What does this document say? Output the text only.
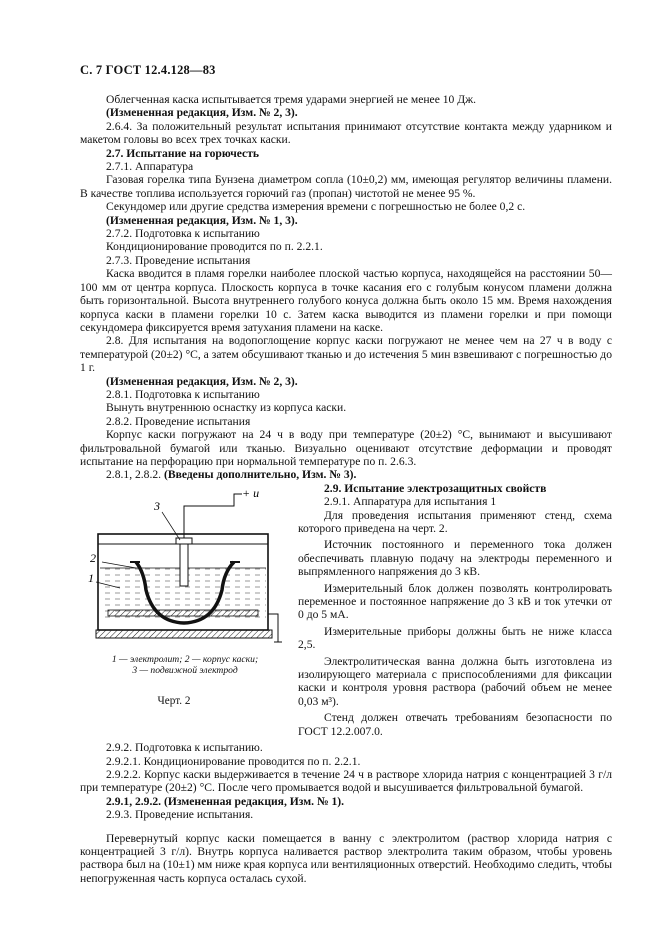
С. 7 ГОСТ 12.4.128—83

Облегченная каска испытывается тремя ударами энергией не менее 10 Дж.

(Измененная редакция, Изм. № 2, 3).

2.6.4. За положительный результат испытания принимают отсутствие контакта между ударником и макетом головы во всех трех точках каски.

2.7. Испытание на горючесть

2.7.1. Аппаратура

Газовая горелка типа Бунзена диаметром сопла (10±0,2) мм, имеющая регулятор величины пламени. В качестве топлива используется горючий газ (пропан) чистотой не менее 95 %.

Секундомер или другие средства измерения времени с погрешностью не более 0,2 с.

(Измененная редакция, Изм. № 1, 3).

2.7.2. Подготовка к испытанию

Кондиционирование проводится по п. 2.2.1.

2.7.3. Проведение испытания

Каска вводится в пламя горелки наиболее плоской частью корпуса, находящейся на расстоянии 50—100 мм от центра корпуса. Плоскость корпуса в точке касания его с голубым конусом пламени должна быть горизонтальной. Высота внутреннего голубого конуса должна быть около 15 мм. Время нахождения корпуса каски в пламени горелки 10 с. Затем каска выводится из пламени горелки и при помощи секундомера фиксируется время затухания пламени на каске.

2.8. Для испытания на водопоглощение корпус каски погружают не менее чем на 27 ч в воду с температурой (20±2) °С, а затем обсушивают тканью и до истечения 5 мин взвешивают с погрешностью до 1 г.

(Измененная редакция, Изм. № 2, 3).

2.8.1. Подготовка к испытанию

Вынуть внутреннюю оснастку из корпуса каски.

2.8.2. Проведение испытания

Корпус каски погружают на 24 ч в воду при температуре (20±2) °С, вынимают и высушивают фильтровальной бумагой или тканью. Визуально оценивают отсутствие деформации и проводят испытание на перфорацию при нормальной температуре по п. 2.6.3.

2.8.1, 2.8.2. (Введены дополнительно, Изм. № 3).

+ u
3
2
1
1 — электролит; 2 — корпус каски;
3 — подвижной электрод
Черт. 2

2.9. Испытание электрозащитных свойств

2.9.1. Аппаратура для испытания 1

Для проведения испытания применяют стенд, схема которого приведена на черт. 2.

Источник постоянного и переменного тока должен обеспечивать плавную подачу на электроды переменного и выпрямленного напряжения до 3 кВ.

Измерительный блок должен позволять контролировать переменное и постоянное напряжение до 3 кВ и ток утечки от 0 до 5 мА.

Измерительные приборы должны быть не ниже класса 2,5.

Электролитическая ванна должна быть изготовлена из изолирующего материала с приспособлениями для фиксации каски и контроля уровня раствора (рабочий объем не менее 0,03 м³).

Стенд должен отвечать требованиям безопасности по ГОСТ 12.2.007.0.

2.9.2. Подготовка к испытанию.

2.9.2.1. Кондиционирование проводится по п. 2.2.1.

2.9.2.2. Корпус каски выдерживается в течение 24 ч в растворе хлорида натрия с концентрацией 3 г/л при температуре (20±2) °С. После чего промывается водой и высушивается фильтровальной бумагой.

2.9.1, 2.9.2. (Измененная редакция, Изм. № 1).

2.9.3. Проведение испытания.

Перевернутый корпус каски помещается в ванну с электролитом (раствор хлорида натрия с концентрацией 3 г/л). Внутрь корпуса наливается раствор электролита таким образом, чтобы уровень раствора был на (10±1) мм ниже края корпуса или вентиляционных отверстий. Необходимо следить, чтобы непогруженная часть корпуса осталась сухой.
